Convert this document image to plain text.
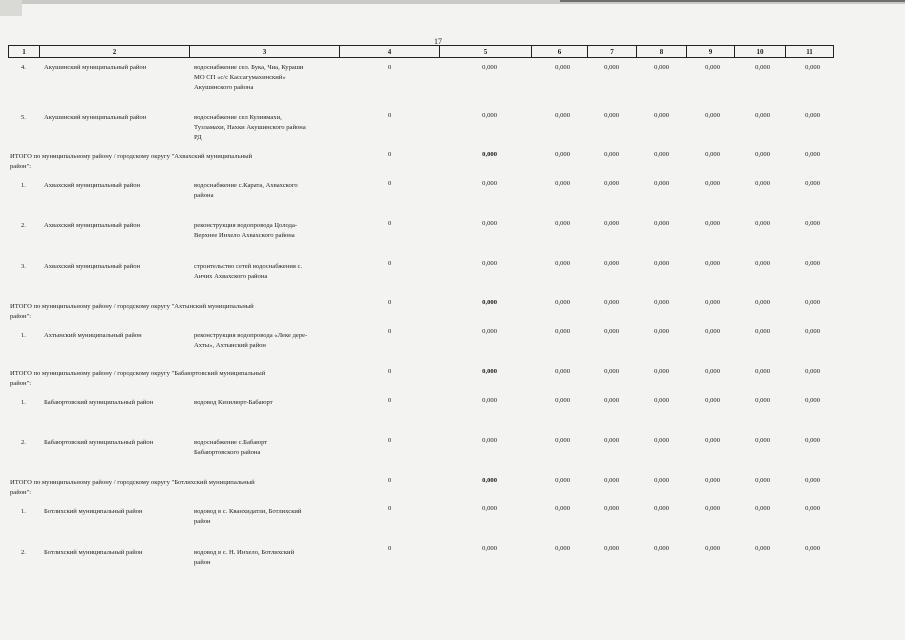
17
1	2	3	4	5	6	7	8	9	10	11
4.	Акушинский муниципальный район	водоснабжение сел. Бука, Чиа, Кураши
МО СП «с/с Кассагумахинский»
Акушинского района
0	0,000	0,000	0,000	0,000	0,000	0,000	0,000
5.	Акушинский муниципальный район	водоснабжение сел Кулиямахи,
Тузламахи, Нахки Акушинского района
РД
0	0,000	0,000	0,000	0,000	0,000	0,000	0,000
ИТОГО по муниципальному району / городскому округу "Ахвахский муниципальный
район":
0	0,000	0,000	0,000	0,000	0,000	0,000	0,000
1.	Ахвахский муниципальный район	водоснабжение с.Карата, Ахвахского
района
0	0,000	0,000	0,000	0,000	0,000	0,000	0,000
2.	Ахвахский муниципальный район	реконструкция водопровода Цолода-
Верхнее Инхело Ахвахского района
0	0,000	0,000	0,000	0,000	0,000	0,000	0,000
3.	Ахвахский муниципальный район	строительство сетей водоснабжения с.
Анчих Ахвахского района
0	0,000	0,000	0,000	0,000	0,000	0,000	0,000
ИТОГО по муниципальному району / городскому округу "Ахтынский муниципальный
район":
0	0,000	0,000	0,000	0,000	0,000	0,000	0,000
1.	Ахтынский муниципальный район	реконструкция водопровода «Леке дере-
Ахты», Ахтынский район
0	0,000	0,000	0,000	0,000	0,000	0,000	0,000
ИТОГО по муниципальному району / городскому округу "Бабаюртовский муниципальный
район":
0	0,000	0,000	0,000	0,000	0,000	0,000	0,000
1.	Бабаюртовский муниципальный район	водовод Кизилюрт-Бабаюрт	0	0,000	0,000	0,000	0,000	0,000	0,000	0,000
2.	Бабаюртовский муниципальный район	водоснабжение с.Бабаюрт
Бабаюртовского района
0	0,000	0,000	0,000	0,000	0,000	0,000	0,000
ИТОГО по муниципальному району / городскому округу "Ботлихский муниципальный
район":
0	0,000	0,000	0,000	0,000	0,000	0,000	0,000
1.	Ботлихский муниципальный район	водовод в с. Кванхидатли, Ботлихский
район
0	0,000	0,000	0,000	0,000	0,000	0,000	0,000
2.	Ботлихский муниципальный район	водовод в с. Н. Инхело, Ботлихский
район
0	0,000	0,000	0,000	0,000	0,000	0,000	0,000
